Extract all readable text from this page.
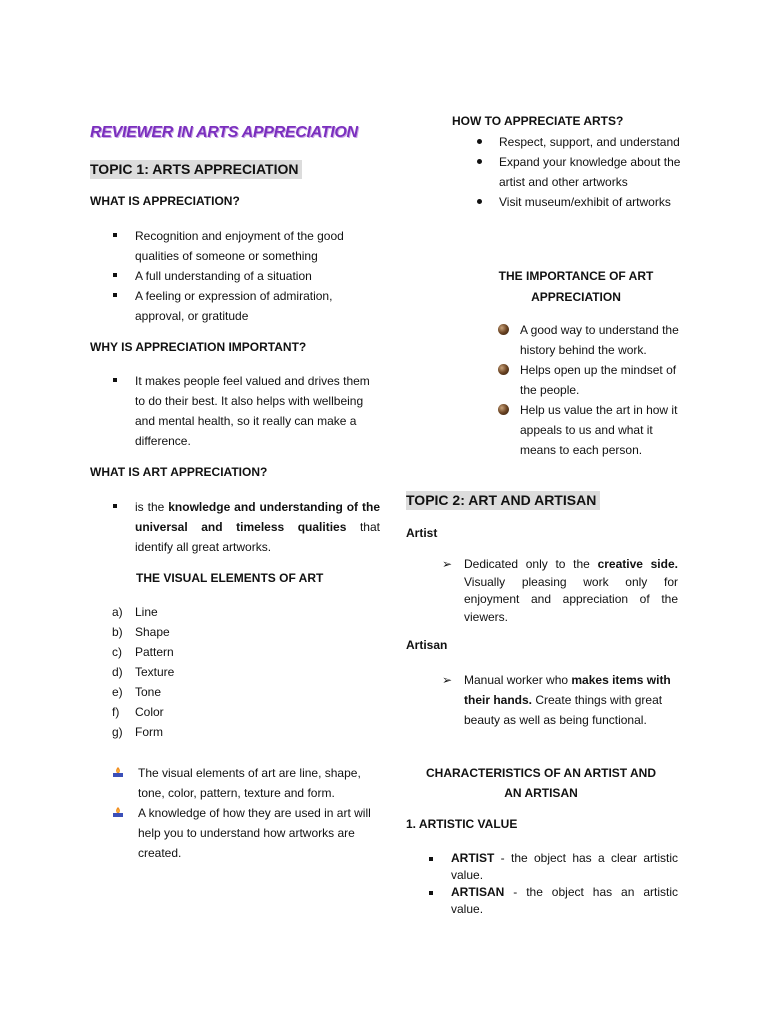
REVIEWER IN ARTS APPRECIATION
TOPIC 1: ARTS APPRECIATION
WHAT IS APPRECIATION?
Recognition and enjoyment of the good qualities of someone or something
A full understanding of a situation
A feeling or expression of admiration, approval, or gratitude
WHY IS APPRECIATION IMPORTANT?
It makes people feel valued and drives them to do their best. It also helps with wellbeing and mental health, so it really can make a difference.
WHAT IS ART APPRECIATION?
is the knowledge and understanding of the universal and timeless qualities that identify all great artworks.
THE VISUAL ELEMENTS OF ART
a) Line
b) Shape
c) Pattern
d) Texture
e) Tone
f) Color
g) Form
The visual elements of art are line, shape, tone, color, pattern, texture and form.
A knowledge of how they are used in art will help you to understand how artworks are created.
HOW TO APPRECIATE ARTS?
Respect, support, and understand
Expand your knowledge about the artist and other artworks
Visit museum/exhibit of artworks
THE IMPORTANCE OF ART APPRECIATION
A good way to understand the history behind the work.
Helps open up the mindset of the people.
Help us value the art in how it appeals to us and what it means to each person.
TOPIC 2: ART AND ARTISAN
Artist
➢ Dedicated only to the creative side. Visually pleasing work only for enjoyment and appreciation of the viewers.
Artisan
➢ Manual worker who makes items with their hands. Create things with great beauty as well as being functional.
CHARACTERISTICS OF AN ARTIST AND AN ARTISAN
1. ARTISTIC VALUE
ARTIST - the object has a clear artistic value.
ARTISAN - the object has an artistic value.
